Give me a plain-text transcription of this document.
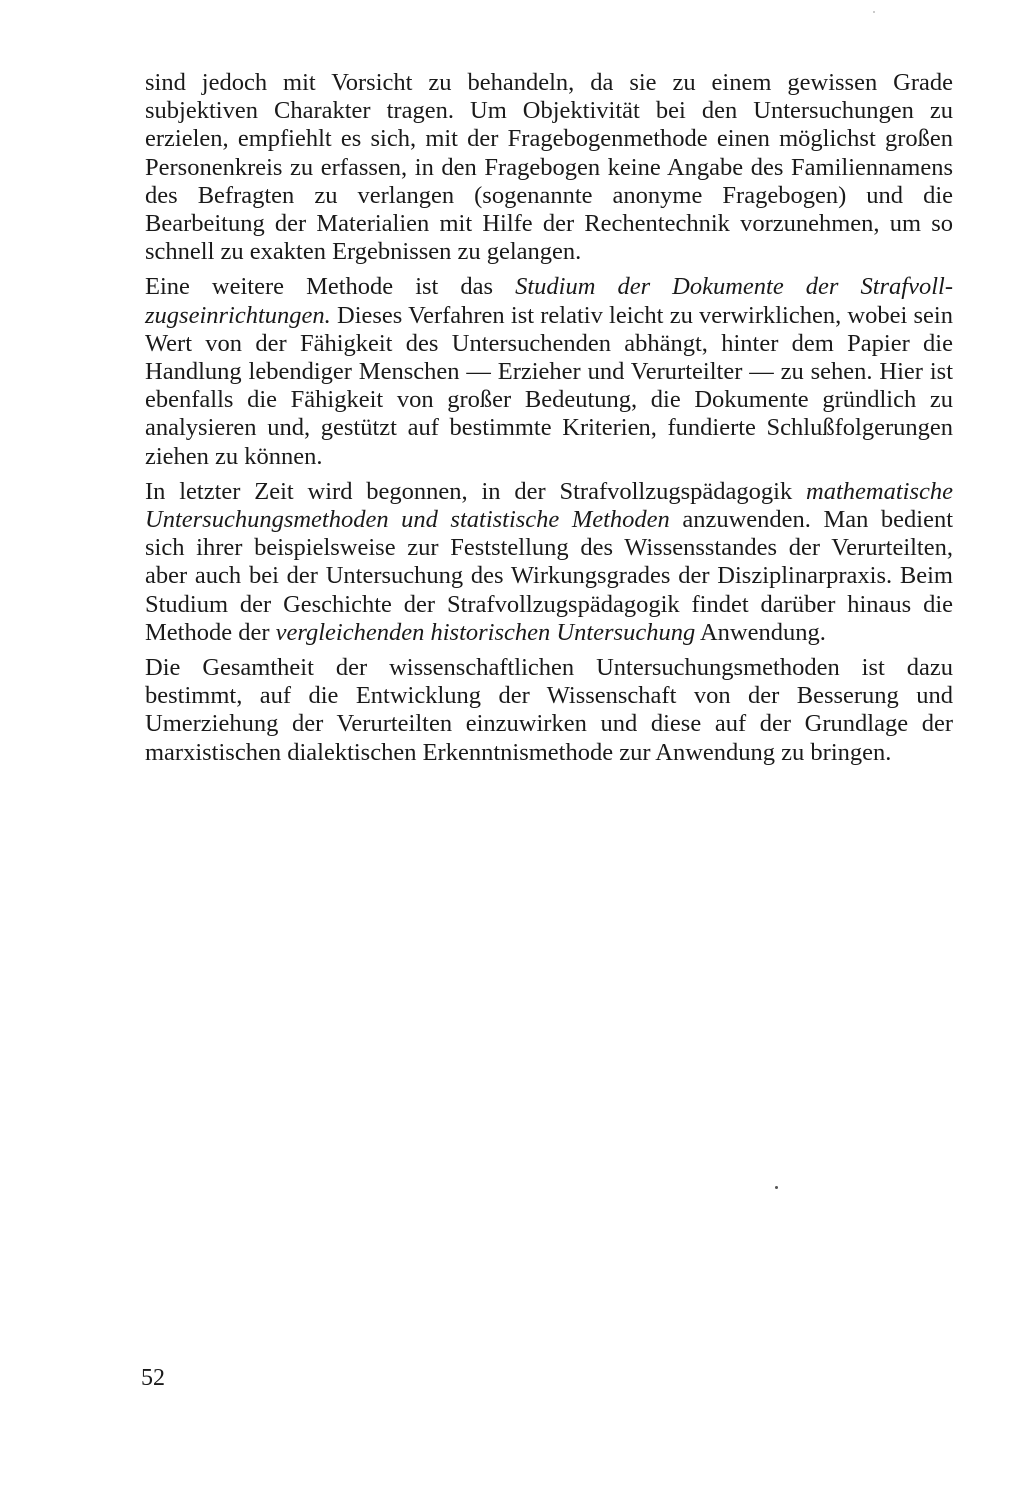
sind jedoch mit Vorsicht zu behandeln, da sie zu einem gewissen Grade subjektiven Charakter tragen. Um Objektivität bei den Untersuchungen zu erzielen, empfiehlt es sich, mit der Fragebogenmethode einen möglichst großen Personenkreis zu erfassen, in den Fragebogen keine Angabe des Familiennamens des Befragten zu verlangen (sogenannte anonyme Fragebogen) und die Bearbeitung der Materialien mit Hilfe der Rechentechnik vorzunehmen, um so schnell zu exakten Ergebnissen zu gelangen.

Eine weitere Methode ist das Studium der Dokumente der Strafvollzugseinrichtungen. Dieses Verfahren ist relativ leicht zu verwirklichen, wobei sein Wert von der Fähigkeit des Untersuchenden abhängt, hinter dem Papier die Handlung lebendiger Menschen — Erzieher und Verurteilter — zu sehen. Hier ist ebenfalls die Fähigkeit von großer Bedeutung, die Dokumente gründlich zu analysieren und, gestützt auf bestimmte Kriterien, fundierte Schlußfolgerungen ziehen zu können.

In letzter Zeit wird begonnen, in der Strafvollzugspädagogik mathematische Untersuchungsmethoden und statistische Methoden anzuwenden. Man bedient sich ihrer beispielsweise zur Feststellung des Wissensstandes der Verurteilten, aber auch bei der Untersuchung des Wirkungsgrades der Disziplinarpraxis. Beim Studium der Geschichte der Strafvollzugspädagogik findet darüber hinaus die Methode der vergleichenden historischen Untersuchung Anwendung.

Die Gesamtheit der wissenschaftlichen Untersuchungsmethoden ist dazu bestimmt, auf die Entwicklung der Wissenschaft von der Besserung und Umerziehung der Verurteilten einzuwirken und diese auf der Grundlage der marxistischen dialektischen Erkenntnismethode zur Anwendung zu bringen.

52
